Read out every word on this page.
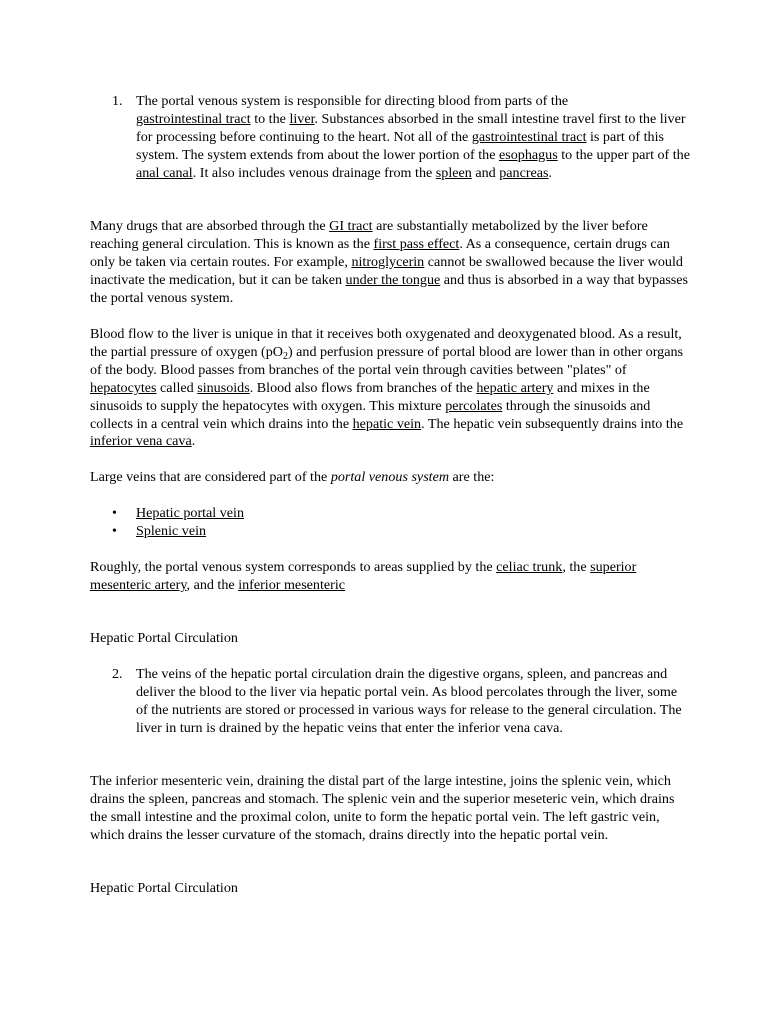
1. The portal venous system is responsible for directing blood from parts of the
gastrointestinal tract to the liver. Substances absorbed in the small intestine travel first to the liver for processing before continuing to the heart. Not all of the gastrointestinal tract is part of this system. The system extends from about the lower portion of the esophagus to the upper part of the anal canal. It also includes venous drainage from the spleen and pancreas.

Many drugs that are absorbed through the GI tract are substantially metabolized by the liver before reaching general circulation. This is known as the first pass effect. As a consequence, certain drugs can only be taken via certain routes. For example, nitroglycerin cannot be swallowed because the liver would inactivate the medication, but it can be taken under the tongue and thus is absorbed in a way that bypasses the portal venous system.

Blood flow to the liver is unique in that it receives both oxygenated and deoxygenated blood. As a result, the partial pressure of oxygen $(pO_2)$ and perfusion pressure of portal blood are lower than in other organs of the body. Blood passes from branches of the portal vein through cavities between "plates" of hepatocytes called sinusoids. Blood also flows from branches of the hepatic artery and mixes in the sinusoids to supply the hepatocytes with oxygen. This mixture percolates through the sinusoids and collects in a central vein which drains into the hepatic vein. The hepatic vein subsequently drains into the inferior vena cava.

Large veins that are considered part of the portal venous system are the:

• Hepatic portal vein
• Splenic vein

Roughly, the portal venous system corresponds to areas supplied by the celiac trunk, the superior mesenteric artery, and the inferior mesenteric

Hepatic Portal Circulation

2. The veins of the hepatic portal circulation drain the digestive organs, spleen, and pancreas and deliver the blood to the liver via hepatic portal vein. As blood percolates through the liver, some of the nutrients are stored or processed in various ways for release to the general circulation. The liver in turn is drained by the hepatic veins that enter the inferior vena cava.

The inferior mesenteric vein, draining the distal part of the large intestine, joins the splenic vein, which drains the spleen, pancreas and stomach. The splenic vein and the superior meseteric vein, which drains the small intestine and the proximal colon, unite to form the hepatic portal vein. The left gastric vein, which drains the lesser curvature of the stomach, drains directly into the hepatic portal vein.

Hepatic Portal Circulation
